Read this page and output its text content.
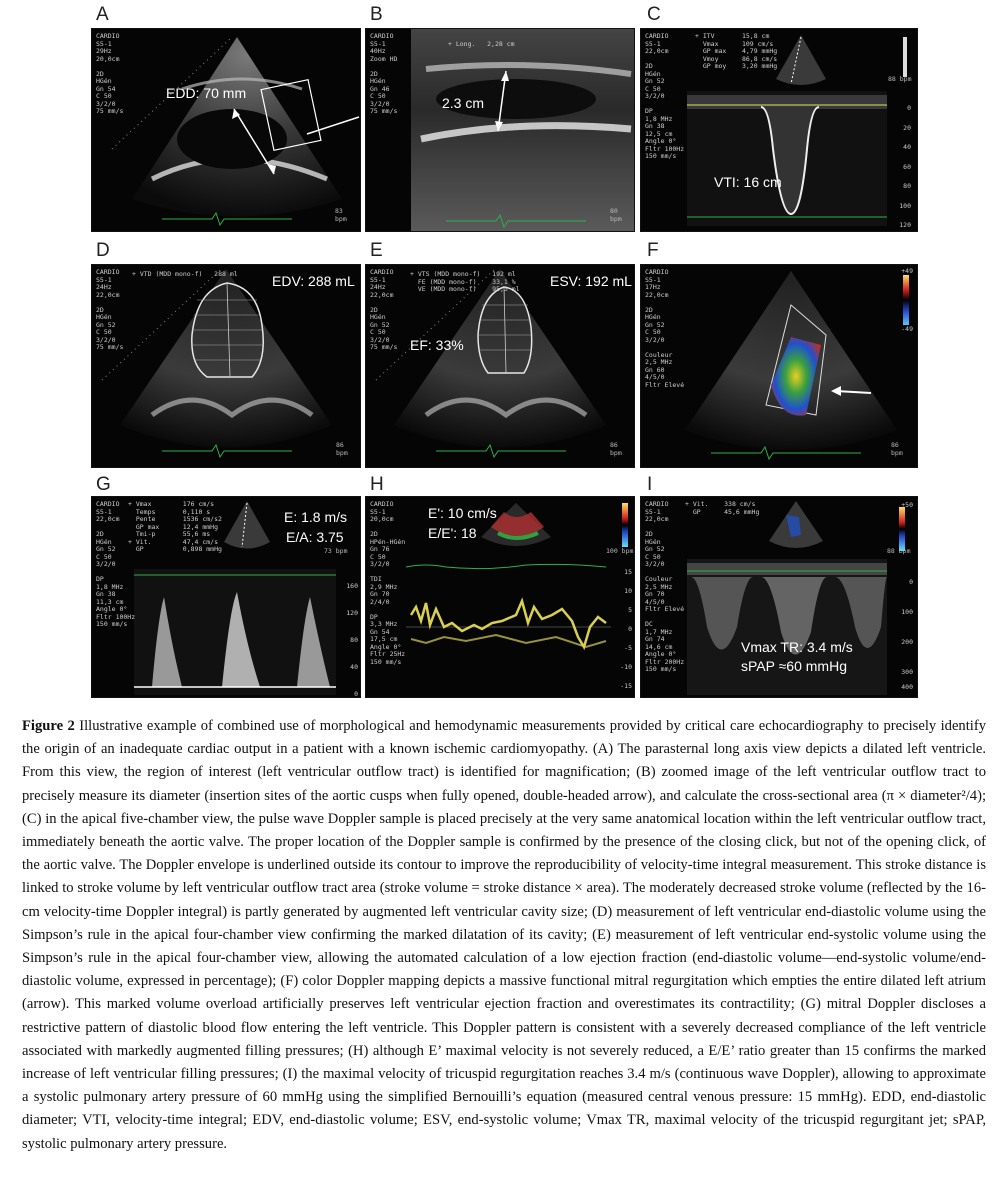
A	B	C
CARDIO
S5-1
29Hz
20,0cm

2D
HGén
Gn 54
C 50
3/2/0
75 mm/s
EDD: 70 mm
83
bpm
CARDIO
S5-1
40Hz
Zoom HD

2D
HGén
Gn 46
C 50
3/2/0
75 mm/s
+ Long.   2,28 cm
2.3 cm
80
bpm
CARDIO
S5-1
22,0cm

2D
HGén
Gn 52
C 50
3/2/0

DP
1,8 MHz
Gn 38
12,5 cm
Angle 0°
Fltr 100Hz
150 mm/s
+ ITV       15,8 cm
Vmax      109 cm/s
GP max    4,79 mmHg
Vmoy      86,8 cm/s
GP moy    3,20 mmHg
VTI: 16 cm
88 bpm
0
20
40
60
80
100
120
D	E	F
CARDIO
S5-1
24Hz
22,0cm

2D
HGén
Gn 52
C 50
3/2/0
75 mm/s
+ VTD (MDD mono-f)   288 ml EDV: 288 mL
86
bpm
CARDIO
S5-1
24Hz
22,0cm

2D
HGén
Gn 52
C 50
3/2/0
75 mm/s
+ VTS (MDD mono-f)   192 ml
FE (MDD mono-f)    33,1 %
VE (MDD mono-f)    95,3 ml ESV: 192 mL
EF: 33%
86
bpm
CARDIO
S5-1
17Hz
22,0cm

2D
HGén
Gn 52
C 50
3/2/0

Couleur
2,5 MHz
Gn 60
4/5/0
Fltr Elevé
+49
-49
86
bpm
G	H	I
CARDIO
S5-1
22,0cm

2D
HGén
Gn 52
C 50
3/2/0

DP
1,8 MHz
Gn 38
11,3 cm
Angle 0°
Fltr 100Hz
150 mm/s
+ Vmax        176 cm/s
Temps       0,110 s
Pente       1536 cm/s2
GP max      12,4 mmHg
Tmi-p       55,6 ms
+ Vit.        47,4 cm/s
GP          0,898 mmHg
E: 1.8 m/s
E/A: 3.75
73 bpm
160
120
80
40
0
CARDIO
S5-1
20,0cm

2D
HPén-HGén
Gn 76
C 50
3/2/0

TDI
2,9 MHz
Gn 70
2/4/0

DP
3,3 MHz
Gn 54
17,5 cm
Angle 0°
Fltr 25Hz
150 mm/s
E': 10 cm/s
E/E': 18
100 bpm
15
10
5
0
-5
-10
-15
CARDIO
S5-1
22,0cm

2D
HGén
Gn 52
C 50
3/2/0

Couleur
2,5 MHz
Gn 70
4/5/0
Fltr Elevé

DC
1,7 MHz
Gn 74
14,6 cm
Angle 0°
Fltr 200Hz
150 mm/s
+ Vit.    338 cm/s
GP      45,6 mmHg
Vmax TR: 3.4 m/s
sPAP ≈60 mmHg
88 bpm
+50
0
100
200
300
400
Figure 2 Illustrative example of combined use of morphological and hemodynamic measurements provided by critical care echocardiography to precisely identify the origin of an inadequate cardiac output in a patient with a known ischemic cardiomyopathy. (A) The parasternal long axis view depicts a dilated left ventricle. From this view, the region of interest (left ventricular outflow tract) is identified for magnification; (B) zoomed image of the left ventricular outflow tract to precisely measure its diameter (insertion sites of the aortic cusps when fully opened, double-headed arrow), and calculate the cross-sectional area (π × diameter²/4); (C) in the apical five-chamber view, the pulse wave Doppler sample is placed precisely at the very same anatomical location within the left ventricular outflow tract, immediately beneath the aortic valve. The proper location of the Doppler sample is confirmed by the presence of the closing click, but not of the opening click, of the aortic valve. The Doppler envelope is underlined outside its contour to improve the reproducibility of velocity-time integral measurement. This stroke distance is linked to stroke volume by left ventricular outflow tract area (stroke volume = stroke distance × area). The moderately decreased stroke volume (reflected by the 16-cm velocity-time Doppler integral) is partly generated by augmented left ventricular cavity size; (D) measurement of left ventricular end-diastolic volume using the Simpson’s rule in the apical four-chamber view confirming the marked dilatation of its cavity; (E) measurement of left ventricular end-systolic volume using the Simpson’s rule in the apical four-chamber view, allowing the automated calculation of a low ejection fraction (end-diastolic volume—end-systolic volume/end-diastolic volume, expressed in percentage); (F) color Doppler mapping depicts a massive functional mitral regurgitation which empties the entire dilated left atrium (arrow). This marked volume overload artificially preserves left ventricular ejection fraction and overestimates its contractility; (G) mitral Doppler discloses a restrictive pattern of diastolic blood flow entering the left ventricle. This Doppler pattern is consistent with a severely decreased compliance of the left ventricle associated with markedly augmented filling pressures; (H) although E’ maximal velocity is not severely reduced, a E/E’ ratio greater than 15 confirms the marked increase of left ventricular filling pressures; (I) the maximal velocity of tricuspid regurgitation reaches 3.4 m/s (continuous wave Doppler), allowing to approximate a systolic pulmonary artery pressure of 60 mmHg using the simplified Bernouilli’s equation (measured central venous pressure: 15 mmHg). EDD, end-diastolic diameter; VTI, velocity-time integral; EDV, end-diastolic volume; ESV, end-systolic volume; Vmax TR, maximal velocity of the tricuspid regurgitant jet; sPAP, systolic pulmonary artery pressure.
